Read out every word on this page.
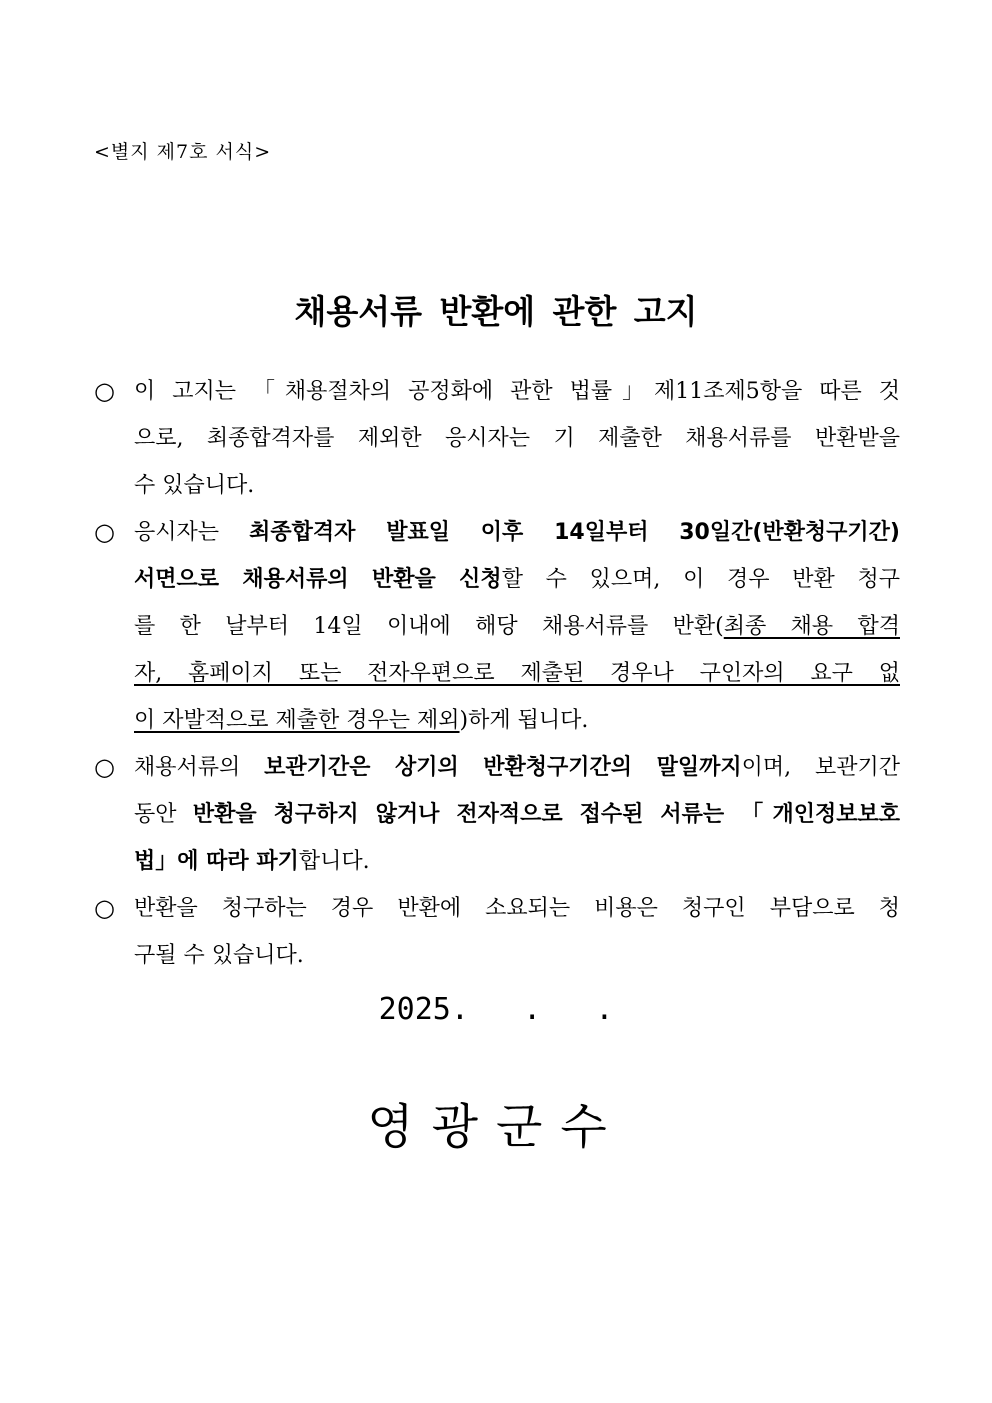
<별지 제7호 서식>
채용서류 반환에 관한 고지
○ 이 고지는 「채용절차의 공정화에 관한 법률」제11조제5항을 따른 것
으로, 최종합격자를 제외한 응시자는 기 제출한 채용서류를 반환받을
수 있습니다.
○ 응시자는 최종합격자 발표일 이후 14일부터 30일간(반환청구기간)
서면으로 채용서류의 반환을 신청할 수 있으며, 이 경우 반환 청구
를 한 날부터 14일 이내에 해당 채용서류를 반환(최종 채용 합격
자, 홈페이지 또는 전자우편으로 제출된 경우나 구인자의 요구 없
이 자발적으로 제출한 경우는 제외)하게 됩니다.
○ 채용서류의 보관기간은 상기의 반환청구기간의 말일까지이며, 보관기간
동안 반환을 청구하지 않거나 전자적으로 접수된 서류는 「개인정보보호
법」에 따라 파기합니다.
○ 반환을 청구하는 경우 반환에 소요되는 비용은 청구인 부담으로 청
구될 수 있습니다.
2025.   .   .
영광군수
